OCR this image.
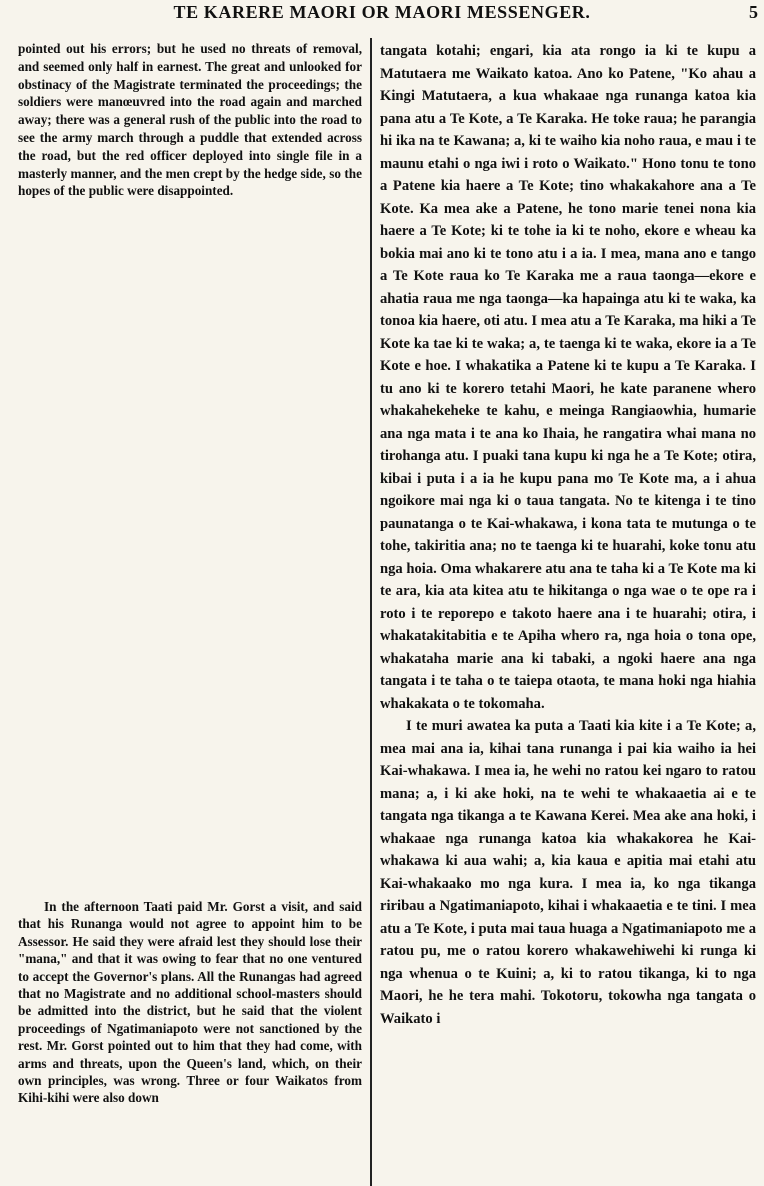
TE KARERE MAORI OR MAORI MESSENGER.	5

pointed out his errors; but he used no threats of removal, and seemed only half in earnest. The great and unlooked for obstinacy of the Magistrate terminated the proceedings; the soldiers were manœuvred into the road again and marched away; there was a general rush of the public into the road to see the army march through a puddle that extended across the road, but the red officer deployed into single file in a masterly manner, and the men crept by the hedge side, so the hopes of the public were disappointed.

In the afternoon Taati paid Mr. Gorst a visit, and said that his Runanga would not agree to appoint him to be Assessor. He said they were afraid lest they should lose their "mana," and that it was owing to fear that no one ventured to accept the Governor's plans. All the Runangas had agreed that no Magistrate and no additional school-masters should be admitted into the district, but he said that the violent proceedings of Ngatimaniapoto were not sanctioned by the rest. Mr. Gorst pointed out to him that they had come, with arms and threats, upon the Queen's land, which, on their own principles, was wrong. Three or four Waikatos from Kihi-kihi were also down

tangata kotahi; engari, kia ata rongo ia ki te kupu a Matutaera me Waikato katoa. Ano ko Patene, "Ko ahau a Kingi Matutaera, a kua whakaae nga runanga katoa kia pana atu a Te Kote, a Te Karaka. He toke raua; he parangia hi ika na te Kawana; a, ki te waiho kia noho raua, e mau i te maunu etahi o nga iwi i roto o Waikato." Hono tonu te tono a Patene kia haere a Te Kote; tino whakakahore ana a Te Kote. Ka mea ake a Patene, he tono marie tenei nona kia haere a Te Kote; ki te tohe ia ki te noho, ekore e wheau ka bokia mai ano ki te tono atu i a ia. I mea, mana ano e tango a Te Kote raua ko Te Karaka me a raua taonga—ekore e ahatia raua me nga taonga—ka hapainga atu ki te waka, ka tonoa kia haere, oti atu. I mea atu a Te Karaka, ma hiki a Te Kote ka tae ki te waka; a, te taenga ki te waka, ekore ia a Te Kote e hoe. I whakatika a Patene ki te kupu a Te Karaka. I tu ano ki te korero tetahi Maori, he kate paranene whero whakahekeheke te kahu, e meinga Rangiaowhia, humarie ana nga mata i te ana ko Ihaia, he rangatira whai mana no tirohanga atu. I puaki tana kupu ki nga he a Te Kote; otira, kibai i puta i a ia he kupu pana mo Te Kote ma, a i ahua ngoikore mai nga ki o taua tangata. No te kitenga i te tino paunatanga o te Kai-whakawa, i kona tata te mutunga o te tohe, takiritia ana; no te taenga ki te huarahi, koke tonu atu nga hoia. Oma whakarere atu ana te taha ki a Te Kote ma ki te ara, kia ata kitea atu te hikitanga o nga wae o te ope ra i roto i te reporepo e takoto haere ana i te huarahi; otira, i whakatakitabitia e te Apiha whero ra, nga hoia o tona ope, whakataha marie ana ki tabaki, a ngoki haere ana nga tangata i te taha o te taiepa otaota, te mana hoki nga hiahia whakakata o te tokomaha.

I te muri awatea ka puta a Taati kia kite i a Te Kote; a, mea mai ana ia, kihai tana runanga i pai kia waiho ia hei Kai-whakawa. I mea ia, he wehi no ratou kei ngaro to ratou mana; a, i ki ake hoki, na te wehi te whakaaetia ai e te tangata nga tikanga a te Kawana Kerei. Mea ake ana hoki, i whakaae nga runanga katoa kia whakakorea he Kai-whakawa ki aua wahi; a, kia kaua e apitia mai etahi atu Kai-whakaako mo nga kura. I mea ia, ko nga tikanga riribau a Ngatimaniapoto, kihai i whakaaetia e te tini. I mea atu a Te Kote, i puta mai taua huaga a Ngatimaniapoto me a ratou pu, me o ratou korero whakawehiwehi ki runga ki nga whenua o te Kuini; a, ki to ratou tikanga, ki to nga Maori, he he tera mahi. Tokotoru, tokowha nga tangata o Waikato i
